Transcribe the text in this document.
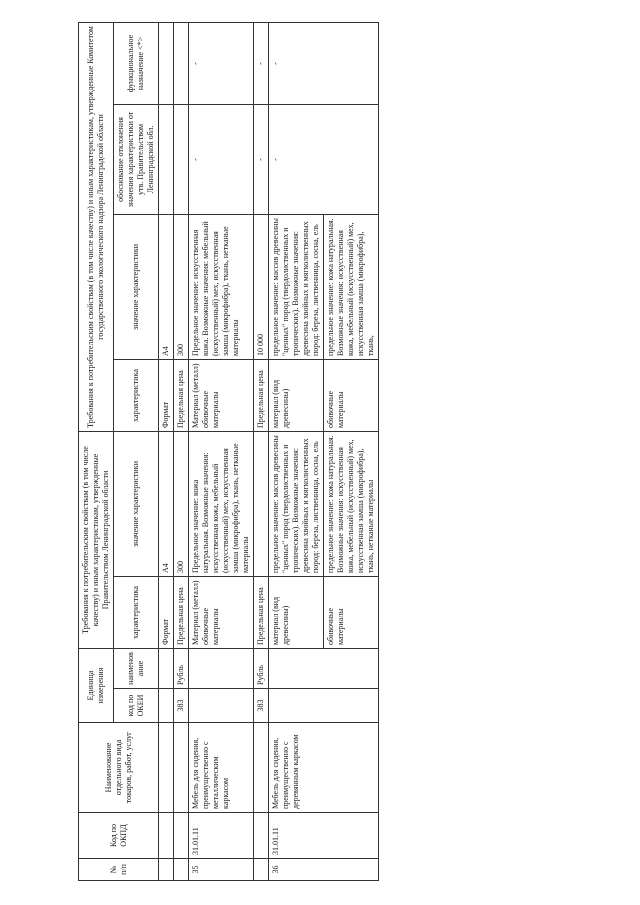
№ п/п	Код по ОКПД	Наименование отдельного вида товаров, работ, услуг	Единица измерения		Требования к потребительским свойствам (в том числе качеству) и иным характеристикам, утвержденные Правительством Ленинградской области		Требования к потребительским свойствам (в том числе качеству) и иным характеристикам, утвержденные Комитетом государственного экологического надзора Ленинградской области			
			код по ОКЕИ	наименование	характеристика	значение характеристики	характеристика	значение характеристики	обоснование отклонения значения характеристики от утв. Правительством Ленинградской обл.	функциональное назначение <*>
					Формат	А4	Формат	А4		
			383	Рубль	Предельная цена	300	Предельная цена	300		
35	31.01.11	Мебель для сидения, преимущественно с металлическим каркасом			Материал (металл) обивочные материалы	Предельное значение: кожа натуральная. Возможные значения: искусственная кожа, мебельный (искусственный) мех, искусственная замша (микрофибра), ткань, нетканые материалы	Материал (металл) обивочные материалы	Предельное значение: искусственная кожа. Возможные значения: мебельный (искусственный) мех, искусственная замша (микрофибра), ткань, нетканые материалы	-	-
			383	Рубль	Предельная цена		Предельная цена	10 000	-	-
36	31.01.11	Мебель для сидения, преимущественно с деревянным каркасом			материал (вид древесины)	предельное значение: массив древесины "ценных" пород (твердолиственных и тропических). Возможные значения: древесина хвойных и мягколиственных пород: береза, лиственница, сосна, ель	материал (вид древесины)	предельное значение: массив древесины "ценных" пород (твердолиственных и тропических). Возможные значения: древесина хвойных и мягколиственных пород: береза, лиственница, сосна, ель	-	-
					обивочные материалы	предельное значение: кожа натуральная. Возможные значения: искусственная кожа, мебельный (искусственный) мех, искусственная замша (микрофибра), ткань, нетканые материалы	обивочные материалы	предельное значение: кожа натуральная. Возможные значения: искусственная кожа, мебельный (искусственный) мех, искусственная замша (микрофибра), ткань,		
